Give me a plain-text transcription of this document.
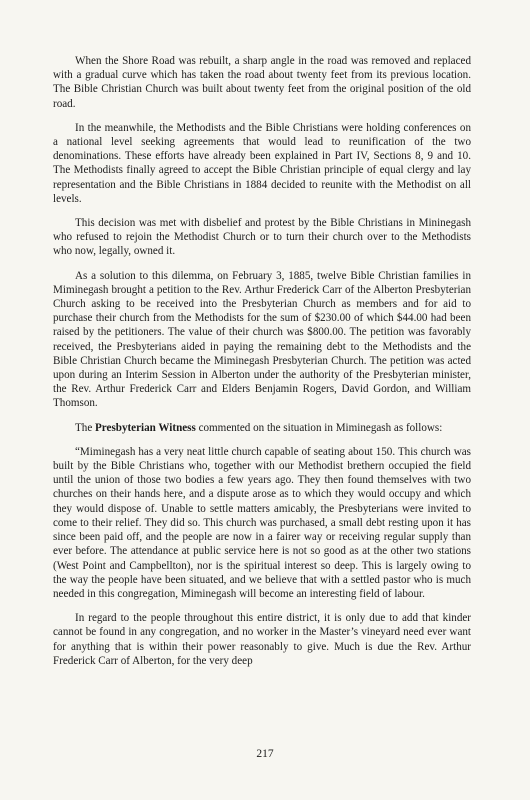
When the Shore Road was rebuilt, a sharp angle in the road was removed and replaced with a gradual curve which has taken the road about twenty feet from its previous location. The Bible Christian Church was built about twenty feet from the original position of the old road.

In the meanwhile, the Methodists and the Bible Christians were holding conferences on a national level seeking agreements that would lead to reunification of the two denominations. These efforts have already been explained in Part IV, Sections 8, 9 and 10. The Methodists finally agreed to accept the Bible Christian principle of equal clergy and lay representation and the Bible Christians in 1884 decided to reunite with the Methodist on all levels.

This decision was met with disbelief and protest by the Bible Christians in Mininegash who refused to rejoin the Methodist Church or to turn their church over to the Methodists who now, legally, owned it.

As a solution to this dilemma, on February 3, 1885, twelve Bible Christian families in Miminegash brought a petition to the Rev. Arthur Frederick Carr of the Alberton Presbyterian Church asking to be received into the Presbyterian Church as members and for aid to purchase their church from the Methodists for the sum of $230.00 of which $44.00 had been raised by the petitioners. The value of their church was $800.00. The petition was favorably received, the Presbyterians aided in paying the remaining debt to the Methodists and the Bible Christian Church became the Miminegash Presbyterian Church. The petition was acted upon during an Interim Session in Alberton under the authority of the Presbyterian minister, the Rev. Arthur Frederick Carr and Elders Benjamin Rogers, David Gordon, and William Thomson.

The Presbyterian Witness commented on the situation in Miminegash as follows:

“Miminegash has a very neat little church capable of seating about 150. This church was built by the Bible Christians who, together with our Methodist brethern occupied the field until the union of those two bodies a few years ago. They then found themselves with two churches on their hands here, and a dispute arose as to which they would occupy and which they would dispose of. Unable to settle matters amicably, the Presbyterians were invited to come to their relief. They did so. This church was purchased, a small debt resting upon it has since been paid off, and the people are now in a fairer way or receiving regular supply than ever before. The attendance at public service here is not so good as at the other two stations (West Point and Campbellton), nor is the spiritual interest so deep. This is largely owing to the way the people have been situated, and we believe that with a settled pastor who is much needed in this congregation, Miminegash will become an interesting field of labour.

In regard to the people throughout this entire district, it is only due to add that kinder cannot be found in any congregation, and no worker in the Master’s vineyard need ever want for anything that is within their power reasonably to give. Much is due the Rev. Arthur Frederick Carr of Alberton, for the very deep

217
